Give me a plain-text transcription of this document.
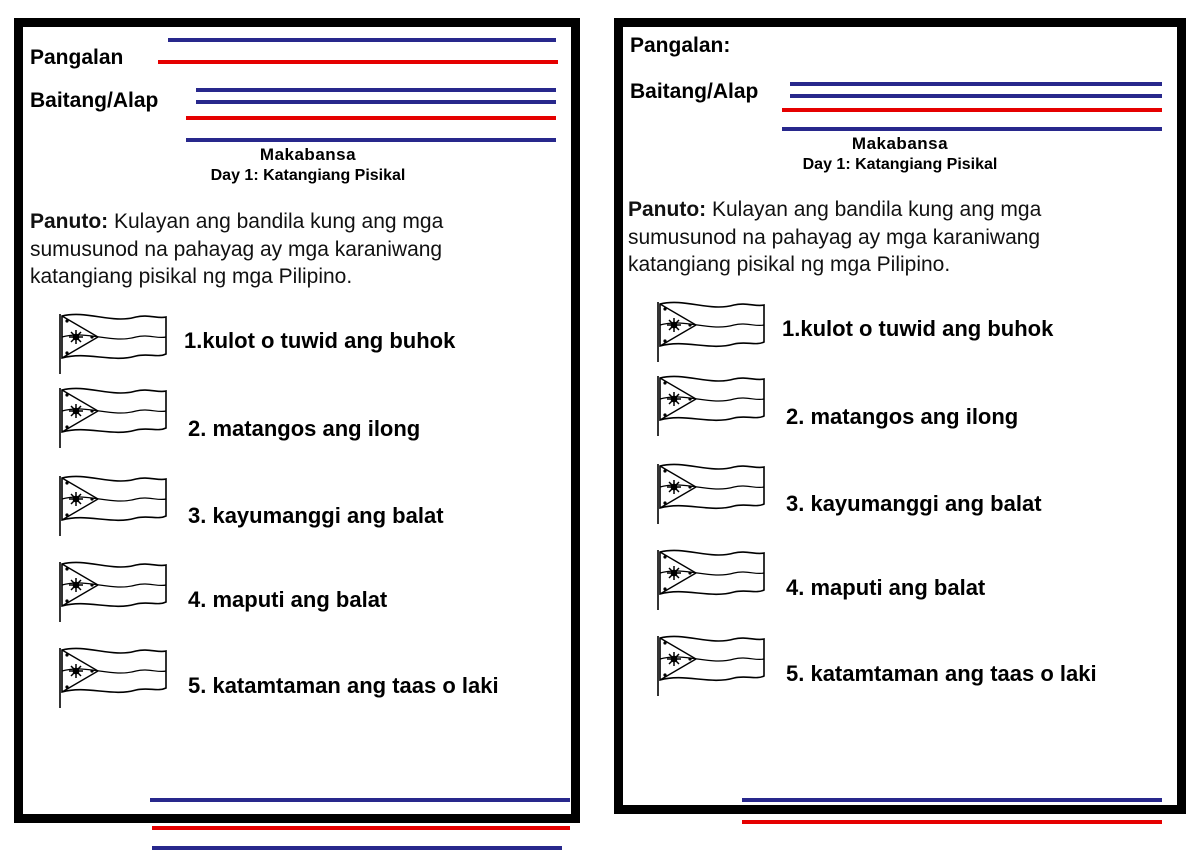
Pangalan
Baitang/Alap
Makabansa
Day 1: Katangiang Pisikal
Panuto: Kulayan ang bandila kung ang mga sumusunod na pahayag ay mga karaniwang katangiang pisikal ng mga Pilipino.
1.kulot o tuwid ang buhok
2. matangos ang ilong
3. kayumanggi ang balat
4. maputi ang balat
5. katamtaman ang taas o laki
Pangalan:
Baitang/Alap
Makabansa
Day 1: Katangiang Pisikal
Panuto: Kulayan ang bandila kung ang mga sumusunod na pahayag ay mga karaniwang katangiang pisikal ng mga Pilipino.
1.kulot o tuwid ang buhok
2. matangos ang ilong
3. kayumanggi ang balat
4. maputi ang balat
5. katamtaman ang taas o laki
